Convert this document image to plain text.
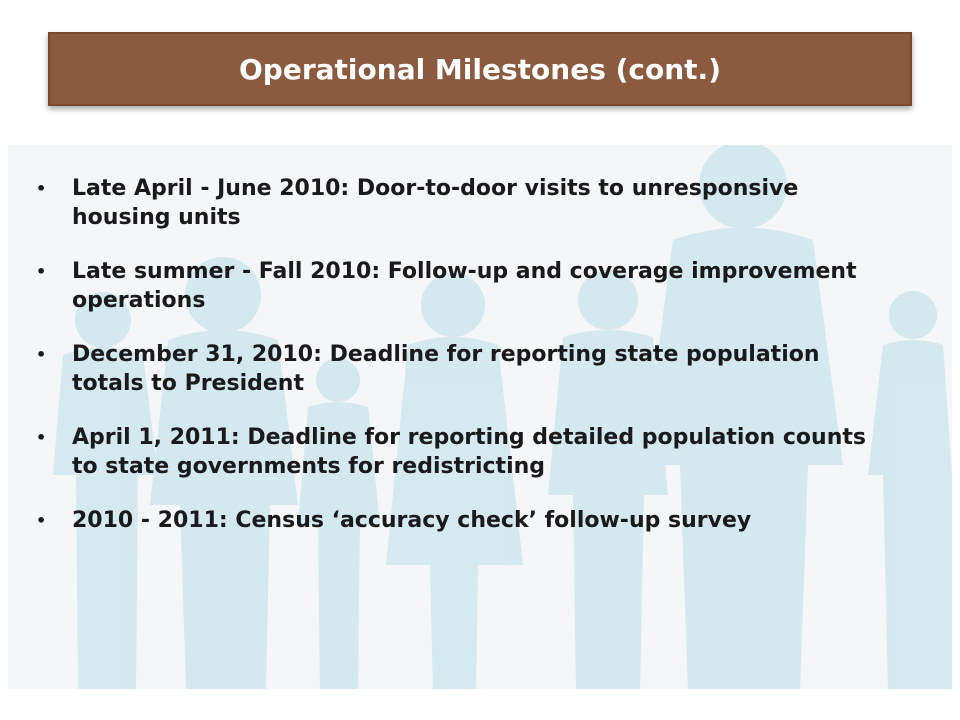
Operational Milestones (cont.)
• Late April - June 2010: Door-to-door visits to unresponsive housing units
• Late summer - Fall 2010: Follow-up and coverage improvement operations
• December 31, 2010: Deadline for reporting state population totals to President
• April 1, 2011: Deadline for reporting detailed population counts to state governments for redistricting
• 2010 - 2011: Census ‘accuracy check’ follow-up survey
